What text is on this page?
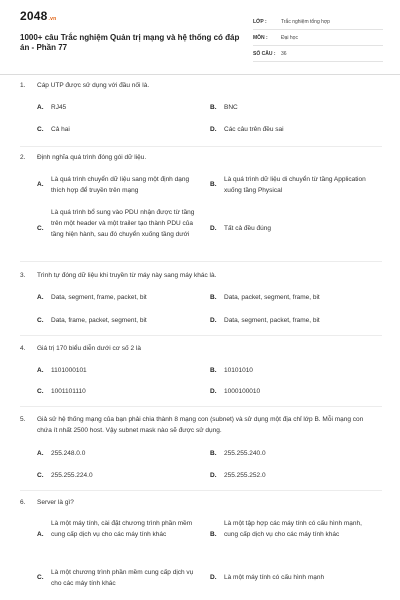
2048.vn
1000+ câu Trắc nghiệm Quản trị mạng và hệ thống có đáp án - Phần 77
LỚP :	Trắc nghiệm tổng hợp
MÔN :	Đại học
SỐ CÂU :	36
1. Cáp UTP được sử dụng với đầu nối là.
A. RJ45	B. BNC
C. Cả hai	D. Các câu trên đều sai
2. Định nghĩa quá trình đóng gói dữ liệu.
A.
Là quá trình chuyển dữ liệu sang một định dạng thích hợp để truyền trên mạng
B.
Là quá trình dữ liệu di chuyển từ tầng Application xuống tầng Physical
C.
Là quá trình bổ sung vào PDU nhận được từ tầng trên một header và một trailer tạo thành PDU của tầng hiện hành, sau đó chuyển xuống tầng dưới
D. Tất cả đều đúng
3. Trình tự đóng dữ liệu khi truyền từ máy này sang máy khác là.
A. Data, segment, frame, packet, bit	B. Data, packet, segment, frame, bit
C. Data, frame, packet, segment, bit	D. Data, segment, packet, frame, bit
4. Giá trị 170 biểu diễn dưới cơ số 2 là
A. 1101000101	B. 10101010
C. 1001101110	D. 1000100010
5. Giả sử hệ thống mạng của bạn phải chia thành 8 mạng con (subnet) và sử dụng một địa chỉ lớp B. Mỗi mạng con chứa ít nhất 2500 host. Vậy subnet mask nào sẽ được sử dụng.
A. 255.248.0.0	B. 255.255.240.0
C. 255.255.224.0	D. 255.255.252.0
6. Server là gì?
A.
Là một máy tính, cài đặt chương trình phần mềm cung cấp dịch vụ cho các máy tính khác	B.
Là một tập hợp các máy tính có cấu hình mạnh, cung cấp dịch vụ cho các máy tính khác
C.
Là một chương trình phần mềm cung cấp dịch vụ cho các máy tính khác
D. Là một máy tính có cấu hình mạnh
